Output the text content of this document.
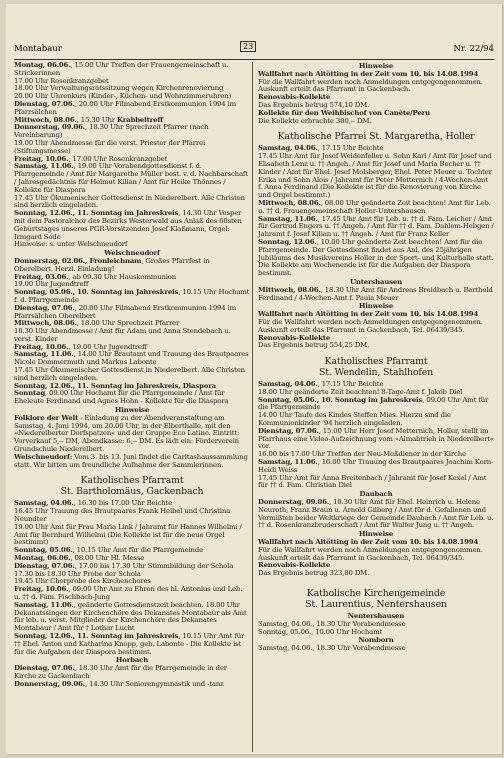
Montabaur	23	Nr. 22/94

Montag, 06.06., 15.00 Uhr Treffen der Frauengemeinschaft u. Strickerinnen

17.00 Uhr Rosenkranzgebet

18.00 Uhr Verwaltungsratssitzung wegen Kirchenrenovierung

20.00 Uhr Uhrenkurs (Kinder-, Küchen- und Wohnzimmeruhren)

Dienstag, 07.06., 20.00 Uhr Filmabend Erstkommunion 1994 im Pfarrsälchen

Mittwoch, 08.06., 15.30 Uhr Krabbeltreff

Donnerstag, 09.06., 18.30 Uhr Sprechzeit Pfarrer (nach Vereinbarung)

19.00 Uhr Abendmesse für die verst. Priester der Pfarrei (Stiftungsmesse)

Freitag, 10.06., 17.00 Uhr Rosenkranzgebet

Samstag, 11.06., 19.00 Uhr Vorabendgottesdienst f. d. Pfarrgemeinde / Amt für Margarethe Müller best. v. d. Nachbarschaft / Jahresgedächtnis für Helmut Kilian / Amt für Heike Thönnes / Kollekte für Diaspora

17.45 Uhr Ökumenischer Gottesdienst in Niederelbert. Alle Christen sind herzlich eingeladen.

Sonntag, 12.06., 11. Sonntag im Jahreskreis, 14.30 Uhr Vesper mit dem Pastoralchor des Bezirks Westerwald aus Anlaß des 60sten Geburtstages unseres PGR-Vorsitzenden Josef Klaßmann, Orgel: Irmgard Sode

Hinweise: s. unter Welschneudorf

Welschneudorf

Donnerstag, 02.06., Fronleichnam, Großes Pfarrfest in Oberelbert. Herzl. Einladung!

Freitag, 03.06., ab 09.30 Uhr Hauskommunion

19.00 Uhr Jugendtreff

Sonntag, 05.06., 10. Sonntag im Jahreskreis, 10.15 Uhr Hochamt f. d. Pfarrgemeinde

Dienstag, 07.06., 20.00 Uhr Filmabend Erstkommunion 1994 im Pfarrsälchen Oberelbert

Mittwoch, 08.06., 18.00 Uhr Sprechzeit Pfarrer

18.30 Uhr Abendmesse / Amt für Adam und Anna Stendebach u. verst. Kinder

Freitag, 10.06., 19.00 Uhr Jugendtreff

Samstag, 11.06., 14.00 Uhr Brautamt und Trauung des Brautpaares Nicole Dommermuth und Markus Labonte

17.45 Uhr Ökumenischer Gottesdienst in Niederelbert. Alle Christen sind herzlich eingeladen.

Sonntag, 12.06., 11. Sonntag im Jahreskreis, Diaspora Sonntag, 09.00 Uhr Hochamt für die Pfarrgemeinde / Amt für Eheleute Ferdinand und Agnes Hohn - Kollekte für die Diaspora

Hinweise

Folklore der Welt - Einladung zu der Abendveranstaltung am Samstag, 4. Juni 1994, um 20.00 Uhr, in der Elberthalle, mit den »Niederelberter Dorfspatzen« und der Gruppe Eco Latino. Eintritt: Vorverkauf 5,-- DM, Abendkasse: 6,-- DM. Es lädt ein: Förderverein Grundschule Niederelbert.

Welschneudorf: Vom 3. bis 13. Juni findet die Caritashaussammlung statt. Wir bitten um freundliche Aufnahme der Sammlerinnen.

Katholisches Pfarramt
St. Bartholomäus, Gackenbach

Samstag, 04.06., 16.30 bis 17.00 Uhr Beichte

16.45 Uhr Trauung des Brautpaares Frank Heibel und Christina Neundter

19.00 Uhr Amt für Frau Maria Link / Jahramt für Hannes Wilhelmi / Amt für Bernhard Wilhelmi (Die Kollekte ist für die neue Orgel bestimmt)

Sonntag, 05.06., 10.15 Uhr Amt für die Pfarrgemeinde

Montag, 06.06., 08.00 Uhr Hl. Messe

Dienstag, 07.06., 17.00 bis 17.30 Uhr Stimmbildung der Schola

17.30 bis 18.30 Uhr Probe der Schola

19.45 Uhr Chorprobe des Kirchenchores

Freitag, 10.06., 09.00 Uhr Amt zu Ehren des hl. Antonius und Leb. u. †† d. Fam. Fischbach-Jung

Samstag, 11.06., geänderte Gottesdienstzeit beachten. 18.00 Uhr Dekanatssingen der Kirchenchöre des Dekanates Montabaur als Amt für leb. u. verst. Mitglieder der Kirchenchöre des Dekanates Montabaur / Amt für † Lothar Lucht

Sonntag, 12.06., 11. Sonntag im Jahreskreis, 10.15 Uhr Amt für †† Ehel. Anton und Katharina Knopp, geb. Labonte - Die Kollekte ist für die Aufgaben der Diaspora bestimmt.

Horbach

Dienstag, 07.06., 18.30 Uhr Amt für die Pfarrgemeinde in der Kirche zu Gackenbach

Donnerstag, 09.06., 14.30 Uhr Seniorengymnastik und -tanz

Hinweise

Wallfahrt nach Altötting in der Zeit vom 10. bis 14.08.1994

Für die Wallfahrt werden noch Anmeldungen entgegengenommen. Auskunft erteilt das Pfarramt in Gackenbach.

Renovabis-Kollekte

Das Ergebnis betrug 574,10 DM.

Kollekte für den Weihbischof von Canète/Peru

Die Kollekte erbrachte 380,-- DM.

Katholische Pfarrei St. Margaretha, Holler

Samstag, 04.06., 17.15 Uhr Beichte

17.45 Uhr Amt für Josef Weidenfeller u. Sohn Karl / Amt für Josef und Elisabeth Lenz u. †† Angeh. / Amt für Josef und Maria Becher u. †† Kinder / Amt für Ehel. Josef Molsberger, Ehel. Peter Meuer u. Tochter Erika und Sohn Alois / Jahramt für Peter Metternich / 4-Wochen-Amt f. Anna Ferdinand (Die Kollekte ist für die Renovierung von Kirche und Orgel bestimmt.)

Mittwoch, 08.06., 08.00 Uhr geänderte Zeit beachten! Amt für Leb. u. †† d. Frauengemeinschaft Holler-Untershausen

Samstag, 11.06., 17.45 Uhr Amt für Leb. u. †† d. Fam. Leicher / Amt für Gertrud Engers u. †† Angeh. / Amt für †† d. Fam. Dahlem-Hebgen / Jahramt f. Josef Kilian u. †† Angeh. / Amt für Franz Keller

Sonntag, 12.06., 10.00 Uhr geänderte Zeit beachten! Amt für die Pfarrgemeinde. Der Gottesdienst findet aus Anl. des 25jährigen Jubiläums des Musikvereins Holler in der Sport- und Kulturhalle statt. Die Kollekte am Wochenende ist für die Aufgaben der Diaspora bestimmt.

Untershausen

Mittwoch, 08.06., 18.30 Uhr Amt für Andreas Breidbach u. Berthold Ferdinand / 4-Wochen-Amt f. Paula Meuer

Hinweise

Wallfahrt nach Altötting in der Zeit vom 10. bis 14.08.1994

Für die Wallfahrt werden noch Anmeldungen entgegengenommen. Auskunft erteilt das Pfarramt in Gackenbach, Tel. 06439/345.

Renovabis-Kollekte

Das Ergebnis betrug 554,25 DM.

Katholisches Pfarramt
St. Wendelin, Stahlhofen

Samstag, 04.06., 17.15 Uhr Beichte

18.00 Uhr geänderte Zeit beachten! 8-Tage-Amt f. Jakob Diel

Sonntag, 05.06., 10. Sonntag im Jahreskreis, 09.00 Uhr Amt für die Pfarrgemeinde

14.00 Uhr Taufe des Kindes Steffen Mies. Hierzu sind die Kommunionkinder '94 herzlich eingeladen.

Dienstag, 07.06., 15.00 Uhr Herr Josef Metternich, Holler, stellt im Pfarrhaus eine Video-Aufzeichnung vom »Almabtrieb in Niederelbert« vor.

16.00 bis 17.00 Uhr Treffen der Neu-Meßdiener in der Kirche

Samstag, 11.06., 16.00 Uhr Trauung des Brautpaares Joachim Korn-Heidi Weiss

17.45 Uhr Amt für Anna Breitenbach / Jahramt für Josef Kexel / Amt für †† d. Fam. Christian Diel

Daubach

Donnerstag, 09.06., 18.30 Uhr Amt für Ehel. Heinrich u. Helene Neuroth, Franz Braun u. Arnold Gilberg / Amt für d. Gefallenen und Vermißten beider Weltkriege der Gemeinde Daubach / Amt für Leb. u. †† d. Rosenkranzbruderschaft / Amt für Walter Jung u. †† Angeh.

Hinweise

Wallfahrt nach Altötting in der Zeit vom 10. bis 14.08.1994

Für die Wallfahrt werden noch Anmeldungen entgegengenommen. Auskunft erteilt das Pfarramt in Gackenbach, Tel. 06439/345.

Renovabis-Kollekte

Das Ergebnis betrug 323,80 DM.

Katholische Kirchengemeinde
St. Laurentius, Nentershausen
Nentershausen

Samstag, 04.06., 18.30 Uhr Vorabendmesse

Sonntag, 05.06., 10.00 Uhr Hochamt

Nomborn

Samstag, 04.06., 18.30 Uhr Vorabendmesse
